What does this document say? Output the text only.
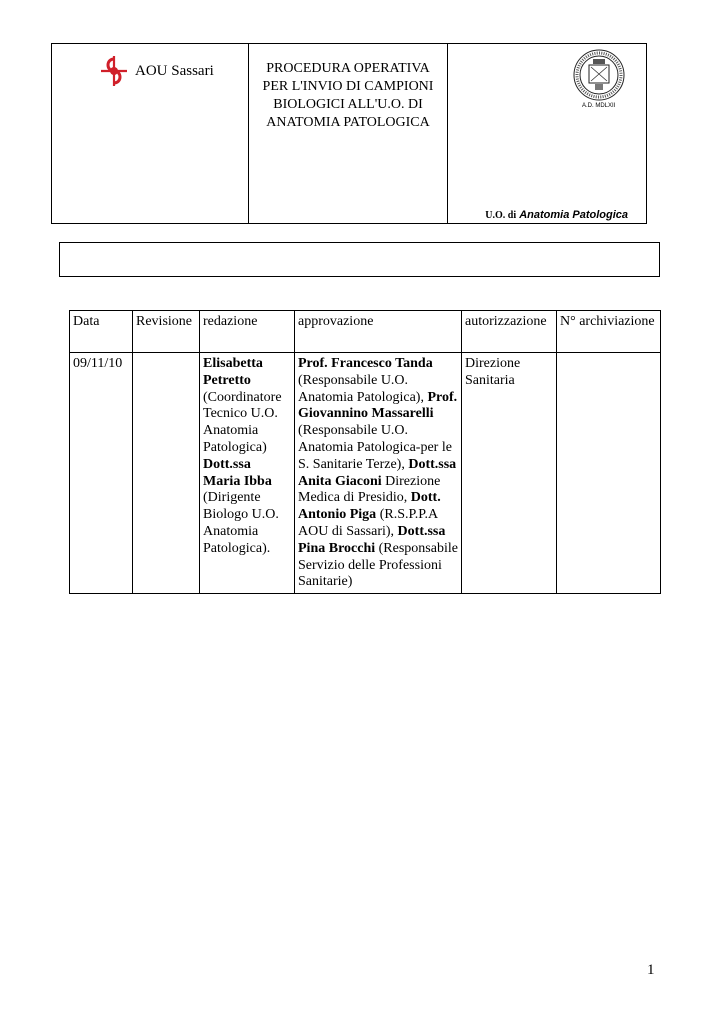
AOU Sassari	PROCEDURA OPERATIVA PER L'INVIO DI CAMPIONI BIOLOGICI ALL'U.O. DI ANATOMIA PATOLOGICA
A.D. MDLXII
U.O. di Anatomia Patologica
Data	Revisione	redazione	approvazione	autorizzazione	N° archiviazione
09/11/10		Elisabetta Petretto (Coordinatore Tecnico U.O. Anatomia Patologica) Dott.ssa Maria Ibba (Dirigente Biologo U.O. Anatomia Patologica).	Prof. Francesco Tanda (Responsabile U.O. Anatomia Patologica), Prof. Giovannino Massarelli (Responsabile U.O. Anatomia Patologica-per le S. Sanitarie Terze), Dott.ssa Anita Giaconi Direzione Medica di Presidio, Dott. Antonio Piga (R.S.P.P.A AOU di Sassari), Dott.ssa Pina Brocchi (Responsabile Servizio delle Professioni Sanitarie)	Direzione Sanitaria	
1
